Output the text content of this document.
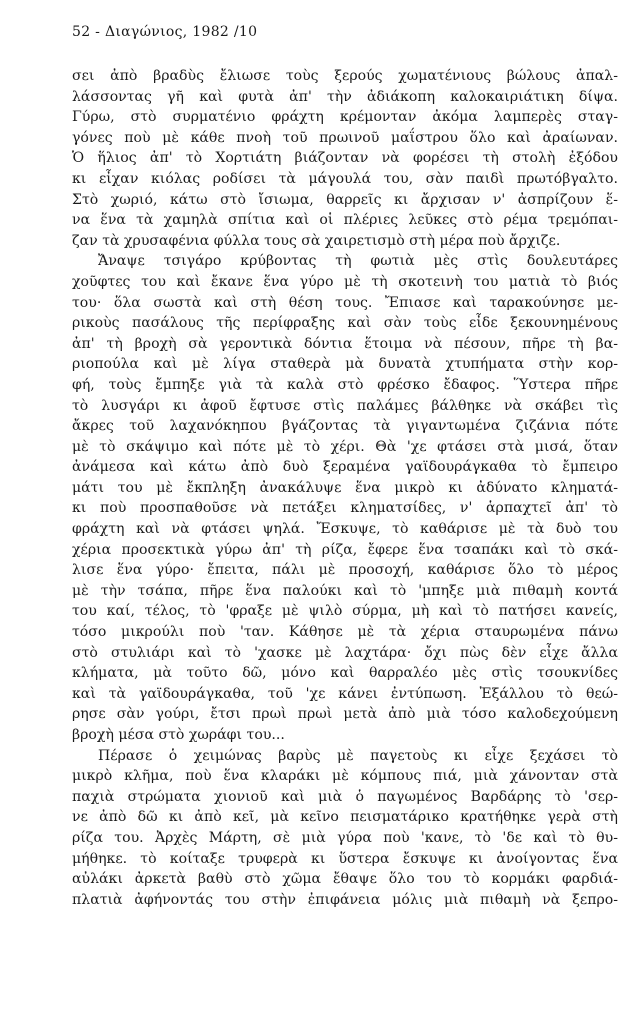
52 - Διαγώνιος, 1982 /10
σει ἀπὸ βραδὺς ἔλιωσε τοὺς ξερούς χωματένιους βώλους ἀπαλ-
λάσσοντας γῆ καὶ φυτὰ ἀπ' τὴν ἀδιάκοπη καλοκαιριάτικη δίψα.
Γύρω, στὸ συρματένιο φράχτη κρέμονταν ἀκόμα λαμπερὲς σταγ-
γόνες ποὺ μὲ κάθε πνοὴ τοῦ πρωινοῦ μαΐστρου ὅλο καὶ ἀραίωναν.
Ὁ ἥλιος ἀπ' τὸ Χορτιάτη βιάζονταν νὰ φορέσει τὴ στολὴ ἐξόδου
κι εἶχαν κιόλας ροδίσει τὰ μάγουλά του, σὰν παιδὶ πρωτόβγαλτο.
Στὸ χωριό, κάτω στὸ ἴσιωμα, θαρρεῖς κι ἄρχισαν ν' ἀσπρίζουν ἕ-
να ἕνα τὰ χαμηλὰ σπίτια καὶ οἱ πλέριες λεῦκες στὸ ρέμα τρεμόπαι-
ζαν τὰ χρυσαφένια φύλλα τους σὰ χαιρετισμὸ στὴ μέρα ποὺ ἄρχιζε.
Ἄναψε τσιγάρο κρύβοντας τὴ φωτιὰ μὲς στὶς δουλευτάρες
χοῦφτες του καὶ ἔκανε ἕνα γύρο μὲ τὴ σκοτεινὴ του ματιὰ τὸ βιός
του· ὅλα σωστὰ καὶ στὴ θέση τους. Ἔπιασε καὶ ταρακούνησε με-
ρικοὺς πασάλους τῆς περίφραξης καὶ σὰν τοὺς εἶδε ξεκουνημένους
ἀπ' τὴ βροχὴ σὰ γεροντικὰ δόντια ἕτοιμα νὰ πέσουν, πῆρε τὴ βα-
ριοπούλα καὶ μὲ λίγα σταθερὰ μὰ δυνατὰ χτυπήματα στὴν κορ-
φή, τοὺς ἔμπηξε γιὰ τὰ καλὰ στὸ φρέσκο ἔδαφος. Ὕστερα πῆρε
τὸ λυσγάρι κι ἀφοῦ ἔφτυσε στὶς παλάμες βάλθηκε νὰ σκάβει τὶς
ἄκρες τοῦ λαχανόκηπου βγάζοντας τὰ γιγαντωμένα ζιζάνια πότε
μὲ τὸ σκάψιμο καὶ πότε μὲ τὸ χέρι. Θὰ 'χε φτάσει στὰ μισά, ὅταν
ἀνάμεσα καὶ κάτω ἀπὸ δυὸ ξεραμένα γαϊδουράγκαθα τὸ ἔμπειρο
μάτι του μὲ ἔκπληξη ἀνακάλυψε ἕνα μικρὸ κι ἀδύνατο κληματά-
κι ποὺ προσπαθοῦσε νὰ πετάξει κληματσίδες, ν' ἁρπαχτεῖ ἀπ' τὸ
φράχτη καὶ νὰ φτάσει ψηλά. Ἔσκυψε, τὸ καθάρισε μὲ τὰ δυὸ του
χέρια προσεκτικὰ γύρω ἀπ' τὴ ρίζα, ἔφερε ἕνα τσαπάκι καὶ τὸ σκά-
λισε ἕνα γύρο· ἔπειτα, πάλι μὲ προσοχή, καθάρισε ὅλο τὸ μέρος
μὲ τὴν τσάπα, πῆρε ἕνα παλούκι καὶ τὸ 'μπηξε μιὰ πιθαμὴ κοντά
του καί, τέλος, τὸ 'φραξε μὲ ψιλὸ σύρμα, μὴ καὶ τὸ πατήσει κανείς,
τόσο μικρούλι ποὺ 'ταν. Κάθησε μὲ τὰ χέρια σταυρωμένα πάνω
στὸ στυλιάρι καὶ τὸ 'χασκε μὲ λαχτάρα· ὄχι πὼς δὲν εἶχε ἄλλα
κλήματα, μὰ τοῦτο δῶ, μόνο καὶ θαρραλέο μὲς στὶς τσουκνίδες
καὶ τὰ γαϊδουράγκαθα, τοῦ 'χε κάνει ἐντύπωση. Ἐξάλλου τὸ θεώ-
ρησε σὰν γούρι, ἔτσι πρωὶ πρωὶ μετὰ ἀπὸ μιὰ τόσο καλοδεχούμενη
βροχὴ μέσα στὸ χωράφι του...
Πέρασε ὁ χειμώνας βαρὺς μὲ παγετοὺς κι εἶχε ξεχάσει τὸ
μικρὸ κλῆμα, ποὺ ἕνα κλαράκι μὲ κόμπους πιά, μιὰ χάνονταν στὰ
παχιὰ στρώματα χιονιοῦ καὶ μιὰ ὁ παγωμένος Βαρδάρης τὸ 'σερ-
νε ἀπὸ δῶ κι ἀπὸ κεῖ, μὰ κεῖνο πεισματάρικο κρατήθηκε γερὰ στὴ
ρίζα του. Ἀρχὲς Μάρτη, σὲ μιὰ γύρα ποὺ 'κανε, τὸ 'δε καὶ τὸ θυ-
μήθηκε. τὸ κοίταξε τρυφερὰ κι ὕστερα ἔσκυψε κι ἀνοίγοντας ἕνα
αὐλάκι ἀρκετὰ βαθὺ στὸ χῶμα ἔθαψε ὅλο του τὸ κορμάκι φαρδιά-
πλατιὰ ἀφήνοντάς του στὴν ἐπιφάνεια μόλις μιὰ πιθαμὴ νὰ ξεπρο-
